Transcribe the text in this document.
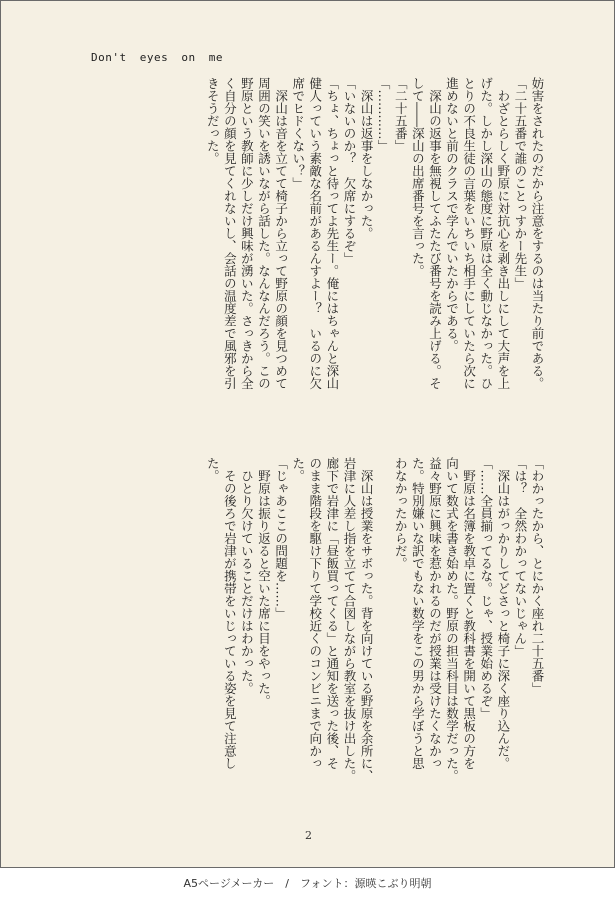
Don't eyes on me
妨害をされたのだから注意をするのは当たり前である。
「二十五番で誰のことっすかー先生」
　わざとらしく野原に対抗心を剥き出しにして大声を上
げた。しかし深山の態度に野原は全く動じなかった。ひ
とりの不良生徒の言葉をいちいち相手にしていたら次に
進めないと前のクラスで学んでいたからである。
　深山の返事を無視してふたたび番号を読み上げる。そ
して――深山の出席番号を言った。
「二十五番」
「…………」
　深山は返事をしなかった。
「いないのか？　欠席にするぞ」
「ちょ、ちょっと待ってよ先生ー。俺にはちゃんと深山
健人っていう素敵な名前があるんすよー？　いるのに欠
席でヒドくない？」
　深山は音を立てて椅子から立って野原の顔を見つめて
周囲の笑いを誘いながら話した。なんなんだろう。この
野原という教師に少しだけ興味が湧いた。さっきから全
く自分の顔を見てくれないし、会話の温度差で風邪を引
きそうだった。
「わかったから、とにかく座れ二十五番」
「は？　全然わかってないじゃん」
　深山はがっかりしてどさっと椅子に深く座り込んだ。
「……全員揃ってるな。じゃ、授業始めるぞ」
　野原は名簿を教卓に置くと教科書を開いて黒板の方を
向いて数式を書き始めた。野原の担当科目は数学だった。
益々野原に興味を惹かれるのだが授業は受けたくなかっ
た。特別嫌いな訳でもない数学をこの男から学ぼうと思
わなかったからだ。

　深山は授業をサボった。背を向けている野原を余所に、
岩津に人差し指を立てて合図しながら教室を抜け出した。
廊下で岩津に「昼飯買ってくる」と通知を送った後、そ
のまま階段を駆け下りて学校近くのコンビニまで向かっ
た。
「じゃあここの問題を……」
　野原は振り返ると空いた席に目をやった。
　ひとり欠けていることだけはわかった。
　その後ろで岩津が携帯をいじっている姿を見て注意し
た。
2
A5ページメーカー　/　フォント：源暎こぶり明朝
